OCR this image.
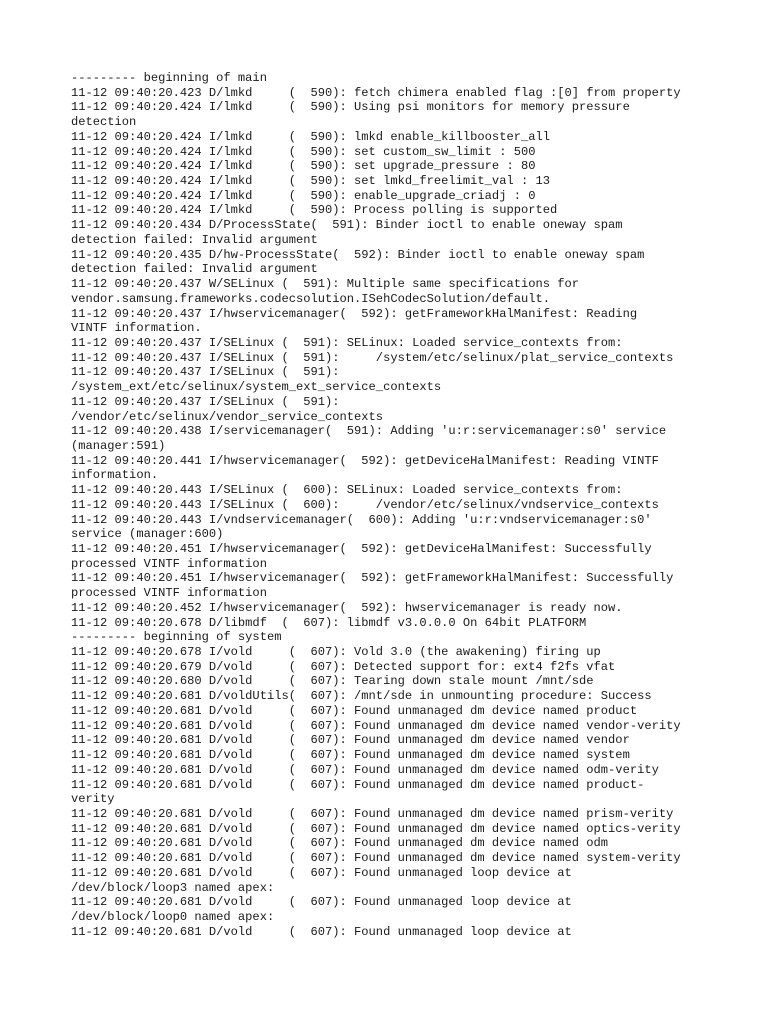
--------- beginning of main
11-12 09:40:20.423 D/lmkd     (  590): fetch chimera enabled flag :[0] from property
11-12 09:40:20.424 I/lmkd     (  590): Using psi monitors for memory pressure
detection
11-12 09:40:20.424 I/lmkd     (  590): lmkd enable_killbooster_all
11-12 09:40:20.424 I/lmkd     (  590): set custom_sw_limit : 500
11-12 09:40:20.424 I/lmkd     (  590): set upgrade_pressure : 80
11-12 09:40:20.424 I/lmkd     (  590): set lmkd_freelimit_val : 13
11-12 09:40:20.424 I/lmkd     (  590): enable_upgrade_criadj : 0
11-12 09:40:20.424 I/lmkd     (  590): Process polling is supported
11-12 09:40:20.434 D/ProcessState(  591): Binder ioctl to enable oneway spam
detection failed: Invalid argument
11-12 09:40:20.435 D/hw-ProcessState(  592): Binder ioctl to enable oneway spam
detection failed: Invalid argument
11-12 09:40:20.437 W/SELinux (  591): Multiple same specifications for
vendor.samsung.frameworks.codecsolution.ISehCodecSolution/default.
11-12 09:40:20.437 I/hwservicemanager(  592): getFrameworkHalManifest: Reading
VINTF information.
11-12 09:40:20.437 I/SELinux (  591): SELinux: Loaded service_contexts from:
11-12 09:40:20.437 I/SELinux (  591):     /system/etc/selinux/plat_service_contexts
11-12 09:40:20.437 I/SELinux (  591):
/system_ext/etc/selinux/system_ext_service_contexts
11-12 09:40:20.437 I/SELinux (  591):
/vendor/etc/selinux/vendor_service_contexts
11-12 09:40:20.438 I/servicemanager(  591): Adding 'u:r:servicemanager:s0' service
(manager:591)
11-12 09:40:20.441 I/hwservicemanager(  592): getDeviceHalManifest: Reading VINTF
information.
11-12 09:40:20.443 I/SELinux (  600): SELinux: Loaded service_contexts from:
11-12 09:40:20.443 I/SELinux (  600):     /vendor/etc/selinux/vndservice_contexts
11-12 09:40:20.443 I/vndservicemanager(  600): Adding 'u:r:vndservicemanager:s0'
service (manager:600)
11-12 09:40:20.451 I/hwservicemanager(  592): getDeviceHalManifest: Successfully
processed VINTF information
11-12 09:40:20.451 I/hwservicemanager(  592): getFrameworkHalManifest: Successfully
processed VINTF information
11-12 09:40:20.452 I/hwservicemanager(  592): hwservicemanager is ready now.
11-12 09:40:20.678 D/libmdf  (  607): libmdf v3.0.0.0 On 64bit PLATFORM
--------- beginning of system
11-12 09:40:20.678 I/vold     (  607): Vold 3.0 (the awakening) firing up
11-12 09:40:20.679 D/vold     (  607): Detected support for: ext4 f2fs vfat
11-12 09:40:20.680 D/vold     (  607): Tearing down stale mount /mnt/sde
11-12 09:40:20.681 D/voldUtils(  607): /mnt/sde in unmounting procedure: Success
11-12 09:40:20.681 D/vold     (  607): Found unmanaged dm device named product
11-12 09:40:20.681 D/vold     (  607): Found unmanaged dm device named vendor-verity
11-12 09:40:20.681 D/vold     (  607): Found unmanaged dm device named vendor
11-12 09:40:20.681 D/vold     (  607): Found unmanaged dm device named system
11-12 09:40:20.681 D/vold     (  607): Found unmanaged dm device named odm-verity
11-12 09:40:20.681 D/vold     (  607): Found unmanaged dm device named product-
verity
11-12 09:40:20.681 D/vold     (  607): Found unmanaged dm device named prism-verity
11-12 09:40:20.681 D/vold     (  607): Found unmanaged dm device named optics-verity
11-12 09:40:20.681 D/vold     (  607): Found unmanaged dm device named odm
11-12 09:40:20.681 D/vold     (  607): Found unmanaged dm device named system-verity
11-12 09:40:20.681 D/vold     (  607): Found unmanaged loop device at
/dev/block/loop3 named apex:
11-12 09:40:20.681 D/vold     (  607): Found unmanaged loop device at
/dev/block/loop0 named apex:
11-12 09:40:20.681 D/vold     (  607): Found unmanaged loop device at
